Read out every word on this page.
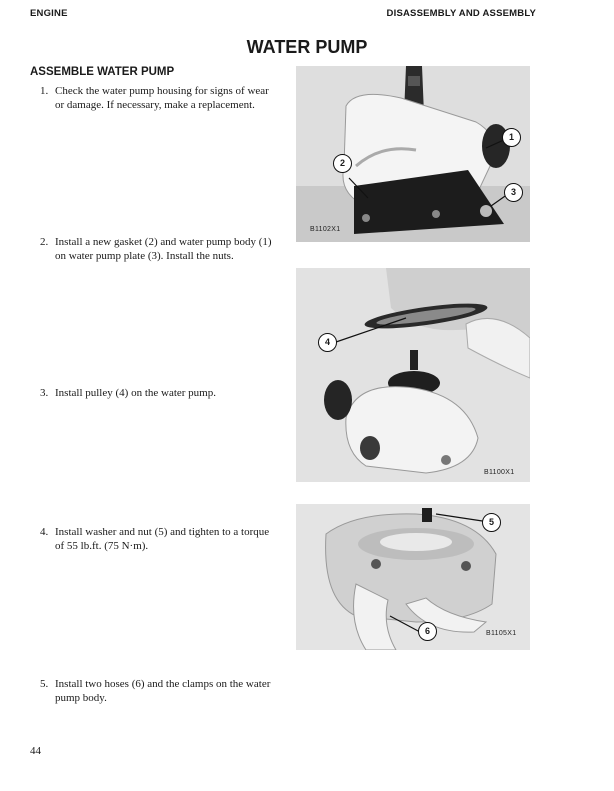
ENGINE	DISASSEMBLY AND ASSEMBLY
WATER PUMP
ASSEMBLE WATER PUMP
1. Check the water pump housing for signs of wear or damage. If necessary, make a replacement.
2. Install a new gasket (2) and water pump body (1) on water pump plate (3). Install the nuts.
3. Install pulley (4) on the water pump.
4. Install washer and nut (5) and tighten to a torque of 55 lb.ft. (75 N·m).
5. Install two hoses (6) and the clamps on the water pump body.
1
2
3
B1102X1
4
B1100X1
5
6	B1105X1
44
